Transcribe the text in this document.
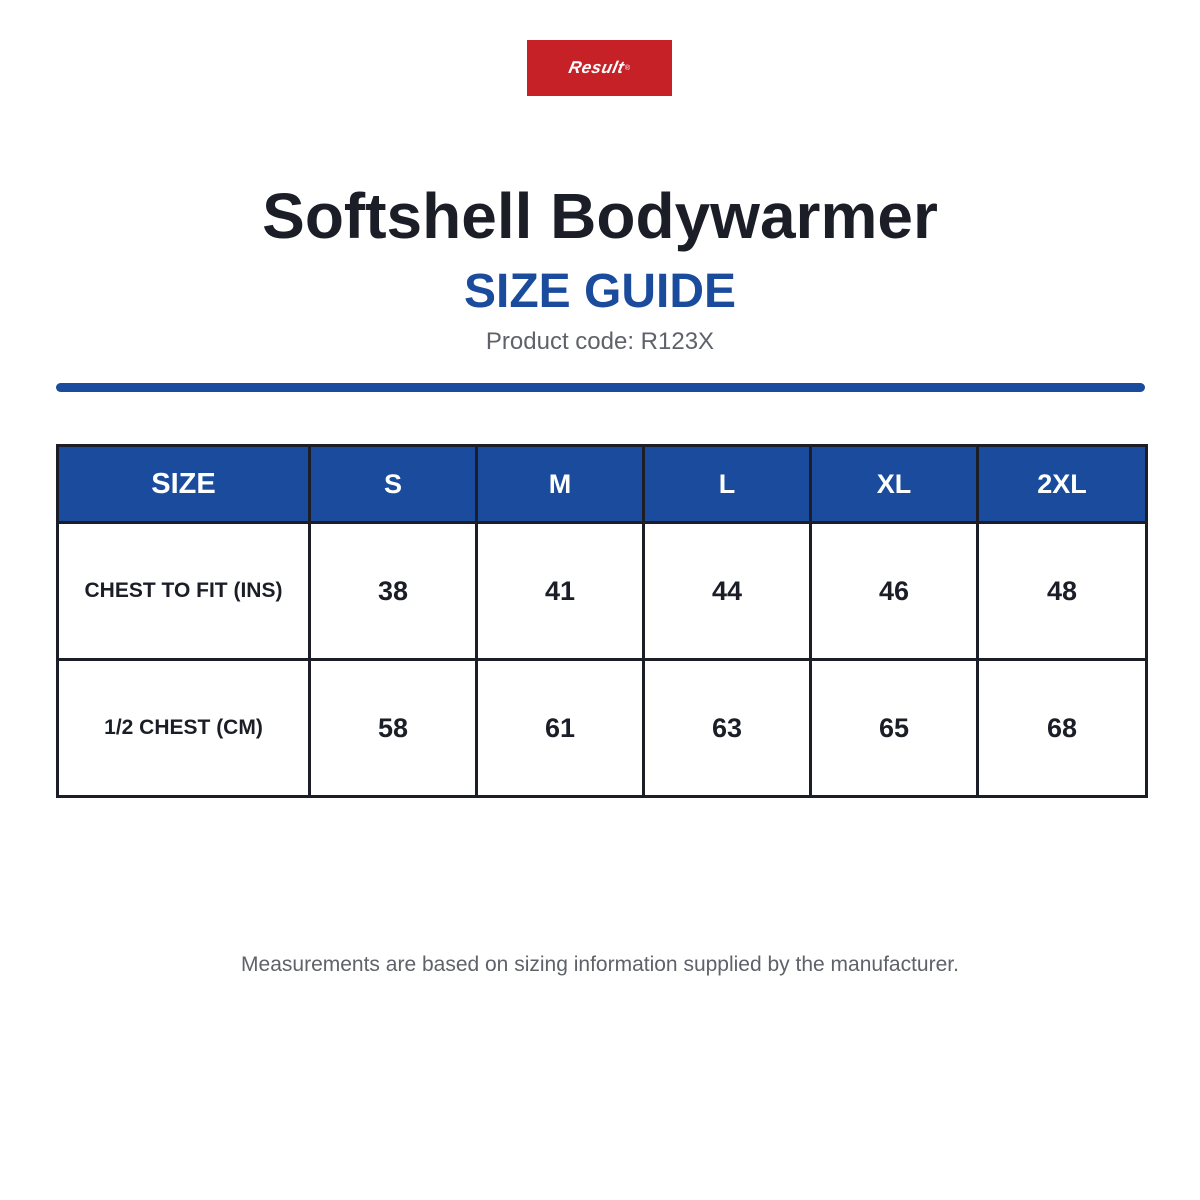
Result
®
Softshell Bodywarmer
SIZE GUIDE
Product code: R123X
SIZE	S	M	L	XL	2XL
CHEST TO FIT (INS)	38	41	44	46	48
1/2 CHEST (CM)	58	61	63	65	68
Measurements are based on sizing information supplied by the manufacturer.
